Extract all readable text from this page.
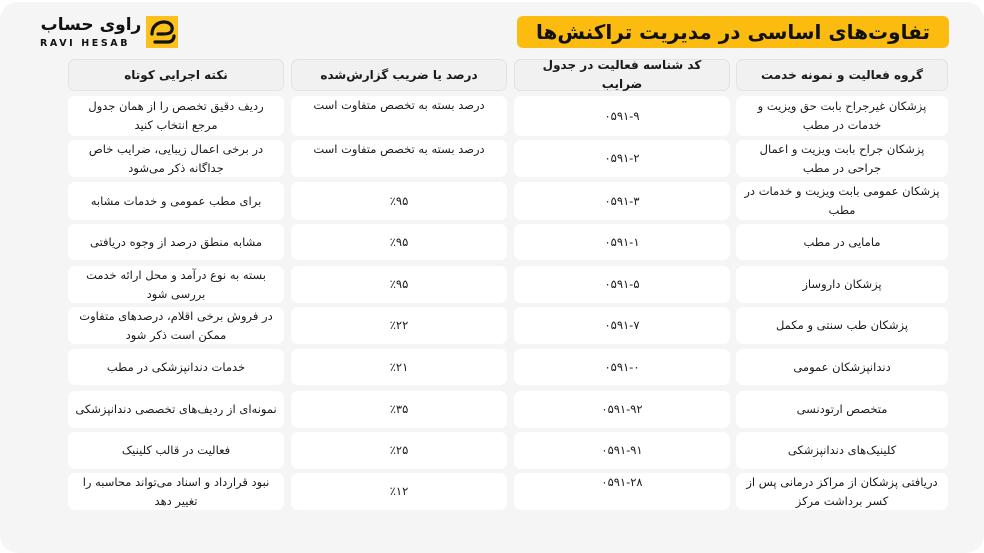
راوی حساب
RAVI HESAB	تفاوت‌های اساسی در مدیریت تراکنش‌ها
گروه فعالیت و نمونه خدمت
کد شناسه فعالیت در جدول ضرایب
درصد یا ضریب گزارش‌شده
نکته اجرایی کوتاه
پزشکان غیرجراح بابت حق ویزیت و خدمات در مطب
۰۵۹۱-۹
درصد بسته به تخصص متفاوت است
ردیف دقیق تخصص را از همان جدول مرجع انتخاب کنید
پزشکان جراح بابت ویزیت و اعمال جراحی در مطب
۰۵۹۱-۲
درصد بسته به تخصص متفاوت است
در برخی اعمال زیبایی، ضرایب خاص جداگانه ذکر می‌شود
پزشکان عمومی بابت ویزیت و خدمات در مطب
۰۵۹۱-۳
٪۹۵
برای مطب عمومی و خدمات مشابه
مامایی در مطب
۰۵۹۱-۱
٪۹۵
مشابه منطق درصد از وجوه دریافتی
پزشکان داروساز
۰۵۹۱-۵
٪۹۵
بسته به نوع درآمد و محل ارائه خدمت بررسی شود
پزشکان طب سنتی و مکمل
۰۵۹۱-۷
٪۲۲
در فروش برخی اقلام، درصدهای متفاوت ممکن است ذکر شود
دندانپزشکان عمومی
۰۵۹۱-۰
٪۲۱
خدمات دندانپزشکی در مطب
متخصص ارتودنسی
۰۵۹۱-۹۲
٪۳۵
نمونه‌ای از ردیف‌های تخصصی دندانپزشکی
کلینیک‌های دندانپزشکی
۰۵۹۱-۹۱
٪۲۵
فعالیت در قالب کلینیک
دریافتی پزشکان از مراکز درمانی پس از کسر برداشت مرکز
۰۵۹۱-۲۸
٪۱۲
نبود قرارداد و اسناد می‌تواند محاسبه را تغییر دهد
